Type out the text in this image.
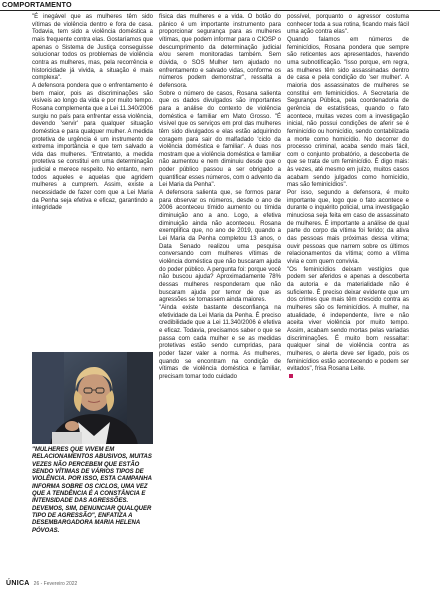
COMPORTAMENTO

"É inegável que as mulheres têm sido vítimas de violência dentro e fora de casa. Todavia, tem sido a violência doméstica a mais frequente contra elas. Gostaríamos que apenas o Sistema de Justiça conseguisse solucionar todos os problemas de violência contra as mulheres, mas, pela recorrência e historicidade já vivida, a situação é mais complexa".

A defensora pondera que o enfrentamento é bem maior, pois as discriminações são visíveis ao longo da vida e por muito tempo. Rosana complementa que a Lei 11.340/2006 surgiu no país para enfrentar essa violência, devendo 'servir' para qualquer situação doméstica e para qualquer mulher. A medida protetiva de urgência é um instrumento de extrema importância e que tem salvado a vida das mulheres. "Entretanto, a medida protetiva se constitui em uma determinação judicial e merece respeito. No entanto, nem todos aqueles e aquelas que agridem mulheres a cumprem. Assim, existe a necessidade de fazer com que a Lei Maria da Penha seja efetiva e eficaz, garantindo a integridade

"MULHERES QUE VIVEM EM RELACIONAMENTOS ABUSIVOS, MUITAS VEZES NÃO PERCEBEM QUE ESTÃO SENDO VÍTIMAS DE VÁRIOS TIPOS DE VIOLÊNCIA. POR ISSO, ESTA CAMPANHA INFORMA SOBRE OS CICLOS, UMA VEZ QUE A TENDÊNCIA É A CONSTÂNCIA E INTENSIDADE DAS AGRESSÕES. DEVEMOS, SIM, DENUNCIAR QUALQUER TIPO DE AGRESSÃO", ENFATIZA A DESEMBARGADORA MARIA HELENA PÓVOAS.

física das mulheres e a vida. O botão do pânico é um importante instrumento para proporcionar segurança para as mulheres vítimas, que podem informar para o CIOSP o descumprimento da determinação judicial e/ou serem monitoradas também. Sem dúvida, o SOS Mulher tem ajudado no enfrentamento e salvado vidas, conforme os números podem demonstrar", ressalta a defensora.

Sobre o número de casos, Rosana salienta que os dados divulgados são importantes para a análise do contexto de violência doméstica e familiar em Mato Grosso. "É visível que os serviços em prol das mulheres têm sido divulgados e elas estão adquirindo coragem para sair do malfadado 'ciclo da violência doméstica e familiar'. A duas nos mostram que a violência doméstica e familiar não aumentou e nem diminuiu desde que o poder público passou a ser obrigado a quantificar esses números, com o advento da Lei Maria da Penha".

A defensora salienta que, se formos parar para observar os números, desde o ano de 2006 aconteceu tímido aumento ou tímida diminuição ano a ano. Logo, a efetiva diminuição ainda não aconteceu. Rosana exemplifica que, no ano de 2019, quando a Lei Maria da Penha completou 13 anos, o Data Senado realizou uma pesquisa conversando com mulheres vítimas de violência doméstica que não buscaram ajuda do poder público. A pergunta foi: porque você não buscou ajuda? Aproximadamente 78% dessas mulheres responderam que não buscaram ajuda por temor de que as agressões se tornassem ainda maiores.

"Ainda existe bastante desconfiança na efetividade da Lei Maria da Penha. É preciso credibilidade que a Lei 11.340/2006 é efetiva e eficaz. Todavia, precisamos saber o que se passa com cada mulher e se as medidas protetivas estão sendo cumpridas, para poder fazer valer a norma. As mulheres, quando se encontram na condição de vítimas de violência doméstica e familiar, precisam tomar todo cuidado

possível, porquanto o agressor costuma conhecer toda a sua rotina, ficando mais fácil uma ação contra elas".

Quando falamos em números de feminicídios, Rosana pondera que sempre são reticentes aos apresentados, havendo uma subnotificação. "Isso porque, em regra, as mulheres têm sido assassinadas dentro de casa e pela condição do 'ser mulher'. A maioria dos assassinatos de mulheres se constitui em feminicídios. A Secretaria de Segurança Pública, pela coordenadoria de gerência de estatísticas, quando o fato acontece, muitas vezes com a investigação inicial, não possui condições de aferir se é feminicídio ou homicídio, sendo contabilizada a morte como homicídio. No decorrer do processo criminal, acaba sendo mais fácil, com o conjunto probatório, a descoberta de que se trata de um feminicídio. É digo mais: às vezes, até mesmo em juízo, muitos casos acabam sendo julgados como homicídio, mas são feminicídios".

Por isso, segundo a defensora, é muito importante que, logo que o fato acontece e durante o inquérito policial, uma investigação minuciosa seja feita em caso de assassinato de mulheres. É importante a análise de qual parte do corpo da vítima foi ferido; da ativa das pessoas mais próximas dessa vítima; ouvir pessoas que narrem sobre os últimos relacionamentos da vítima; como a vítima vivia e com quem convivia.

"Os feminicídios deixam vestígios que podem ser aferidos e apenas a descoberta da autoria e da materialidade não é suficiente. É preciso deixar evidente que um dos crimes que mais têm crescido contra as mulheres são os feminicídios. A mulher, na atualidade, é independente, livre e não aceita viver violência por muito tempo. Assim, acabam sendo mortas pelas variadas discriminações. É muito bom ressaltar: qualquer sinal de violência contra as mulheres, o alerta deve ser ligado, pois os feminicídios estão acontecendo e podem ser evitados", frisa Rosana Leite.

ÚNICA 26 - Fevereiro 2022
